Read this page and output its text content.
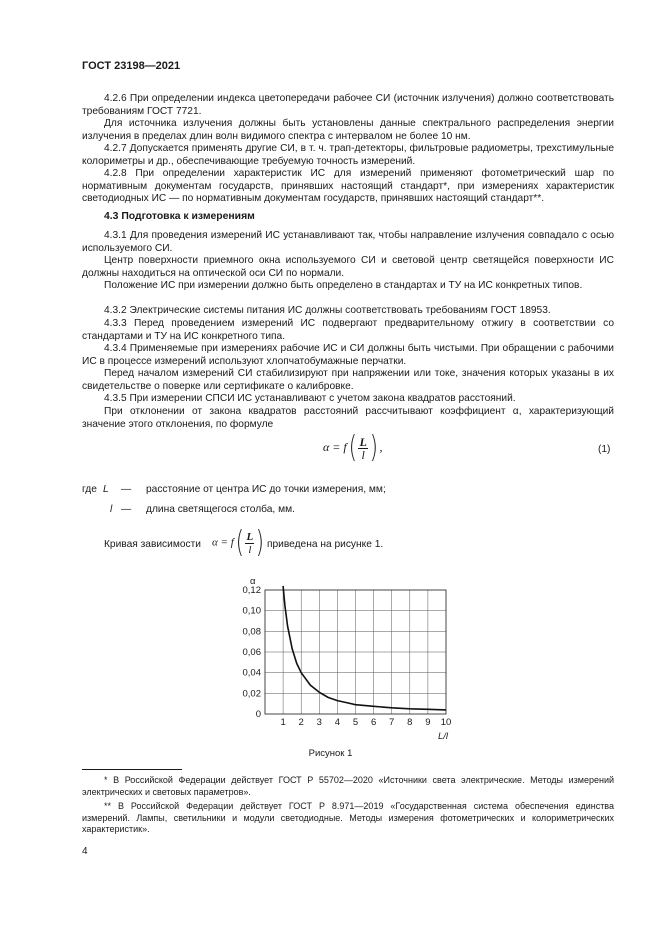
ГОСТ 23198—2021
4.2.6 При определении индекса цветопередачи рабочее СИ (источник излучения) должно соответствовать требованиям ГОСТ 7721.
Для источника излучения должны быть установлены данные спектрального распределения энергии излучения в пределах длин волн видимого спектра с интервалом не более 10 нм.
4.2.7 Допускается применять другие СИ, в т. ч. трап-детекторы, фильтровые радиометры, трехстимульные колориметры и др., обеспечивающие требуемую точность измерений.
4.2.8 При определении характеристик ИС для измерений применяют фотометрический шар по нормативным документам государств, принявших настоящий стандарт*, при измерениях характеристик светодиодных ИС — по нормативным документам государств, принявших настоящий стандарт**.
4.3 Подготовка к измерениям
4.3.1 Для проведения измерений ИС устанавливают так, чтобы направление излучения совпадало с осью используемого СИ.
Центр поверхности приемного окна используемого СИ и световой центр светящейся поверхности ИС должны находиться на оптической оси СИ по нормали.
Положение ИС при измерении должно быть определено в стандартах и ТУ на ИС конкретных типов.
4.3.2 Электрические системы питания ИС должны соответствовать требованиям ГОСТ 18953.
4.3.3 Перед проведением измерений ИС подвергают предварительному отжигу в соответствии со стандартами и ТУ на ИС конкретного типа.
4.3.4 Применяемые при измерениях рабочие ИС и СИ должны быть чистыми. При обращении с рабочими ИС в процессе измерений используют хлопчатобумажные перчатки.
Перед началом измерений СИ стабилизируют при напряжении или токе, значения которых указаны в их свидетельстве о поверке или сертификате о калибровке.
4.3.5 При измерении СПСИ ИС устанавливают с учетом закона квадратов расстояний.
При отклонении от закона квадратов расстояний рассчитывают коэффициент α, характеризующий значение этого отклонения, по формуле
$\alpha = f( \frac{L}{l}$ ) ,	(1)
где L — расстояние от центра ИС до точки измерения, мм;
l — длина светящегося столба, мм.
Кривая зависимости $\alpha = f( \frac{L}{l}$ ) приведена на рисунке 1.
1 2 3 4 5 6 7 8 9 10
0
0,02
0,04
0,06
0,08
0,10
0,12
α
L/l
Рисунок 1
* В Российской Федерации действует ГОСТ Р 55702—2020 «Источники света электрические. Методы измерений электрических и световых параметров».
** В Российской Федерации действует ГОСТ Р 8.971—2019 «Государственная система обеспечения единства измерений. Лампы, светильники и модули светодиодные. Методы измерения фотометрических и колориметрических характеристик».
4
